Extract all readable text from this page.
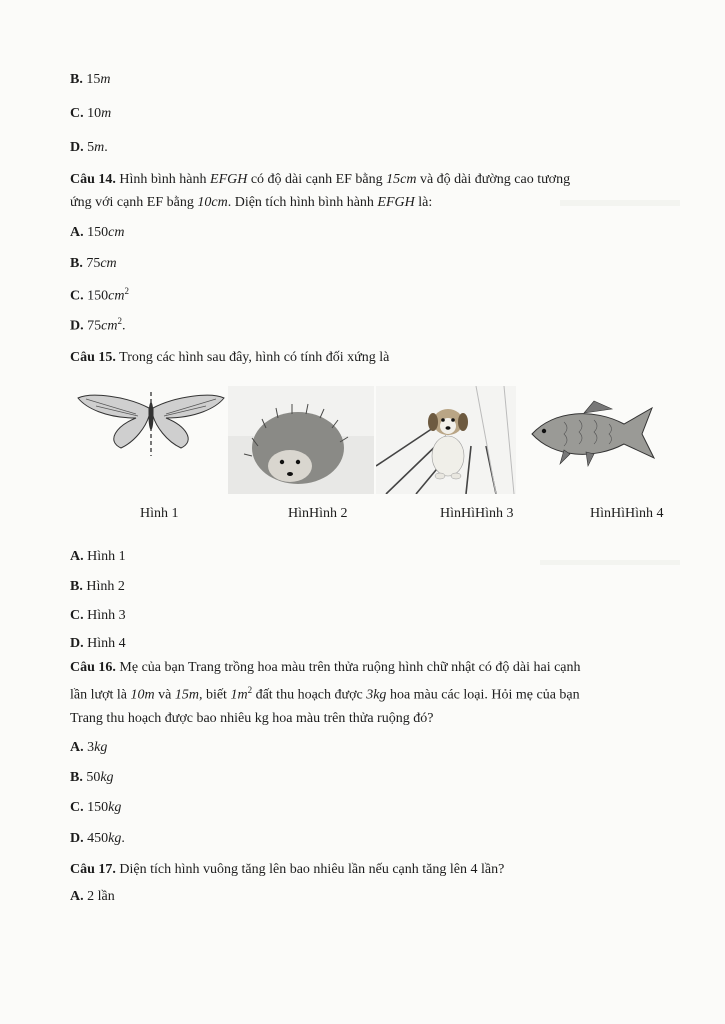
B. 15m
C. 10m
D. 5m.
Câu 14. Hình bình hành EFGH có độ dài cạnh EF bằng 15cm và độ dài đường cao tương
ứng với cạnh EF bằng 10cm. Diện tích hình bình hành EFGH là:
A. 150cm
B. 75cm
C. $150cm^2$
D. $75cm^2$.
Câu 15. Trong các hình sau đây, hình có tính đối xứng là
Hình 1	HìnHình 2	HìnHìHình 3	HìnHìHình 4
A. Hình 1
B. Hình 2
C. Hình 3
D. Hình 4
Câu 16. Mẹ của bạn Trang trồng hoa màu trên thửa ruộng hình chữ nhật có độ dài hai cạnh
lần lượt là 10m và 15m, biết $1m^2$ đất thu hoạch được 3kg hoa màu các loại. Hỏi mẹ của bạn
Trang thu hoạch được bao nhiêu kg hoa màu trên thửa ruộng đó?
A. 3kg
B. 50kg
C. 150kg
D. 450kg.
Câu 17. Diện tích hình vuông tăng lên bao nhiêu lần nếu cạnh tăng lên 4 lần?
A. 2 lần
